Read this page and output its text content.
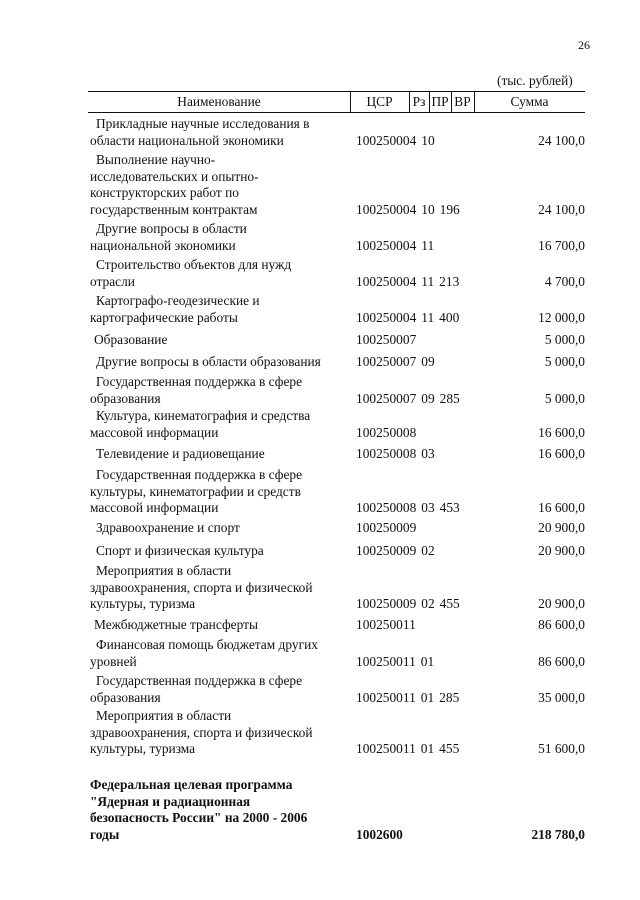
26
(тыс. рублей)
Наименование	ЦСР	Рз ПР ВР	Сумма
Прикладные научные исследования в
области национальной экономики	100250004 10	24 100,0
Выполнение научно-
исследовательских и опытно-
конструкторских работ по
государственным контрактам	100250004 10 196	24 100,0
Другие вопросы в области
национальной экономики	100250004 11	16 700,0
Строительство объектов для нужд
отрасли	100250004 11 213	4 700,0
Картографо-геодезические и
картографические работы	100250004 11 400	12 000,0
Образование	100250007	5 000,0
Другие вопросы в области образования	100250007 09	5 000,0
Государственная поддержка в сфере
образования	100250007 09 285	5 000,0
Культура, кинематография и средства
массовой информации	100250008	16 600,0
Телевидение и радиовещание	100250008 03	16 600,0
Государственная поддержка в сфере
культуры, кинематографии и средств
массовой информации	100250008 03 453	16 600,0
Здравоохранение и спорт	100250009	20 900,0
Спорт и физическая культура	100250009 02	20 900,0
Мероприятия в области
здравоохранения, спорта и физической
культуры, туризма	100250009 02 455	20 900,0
Межбюджетные трансферты	100250011	86 600,0
Финансовая помощь бюджетам других
уровней	100250011 01	86 600,0
Государственная поддержка в сфере
образования	100250011 01 285	35 000,0
Мероприятия в области
здравоохранения, спорта и физической
культуры, туризма	100250011 01 455	51 600,0
Федеральная целевая программа
"Ядерная и радиационная
безопасность России" на 2000 - 2006
годы	1002600	218 780,0
